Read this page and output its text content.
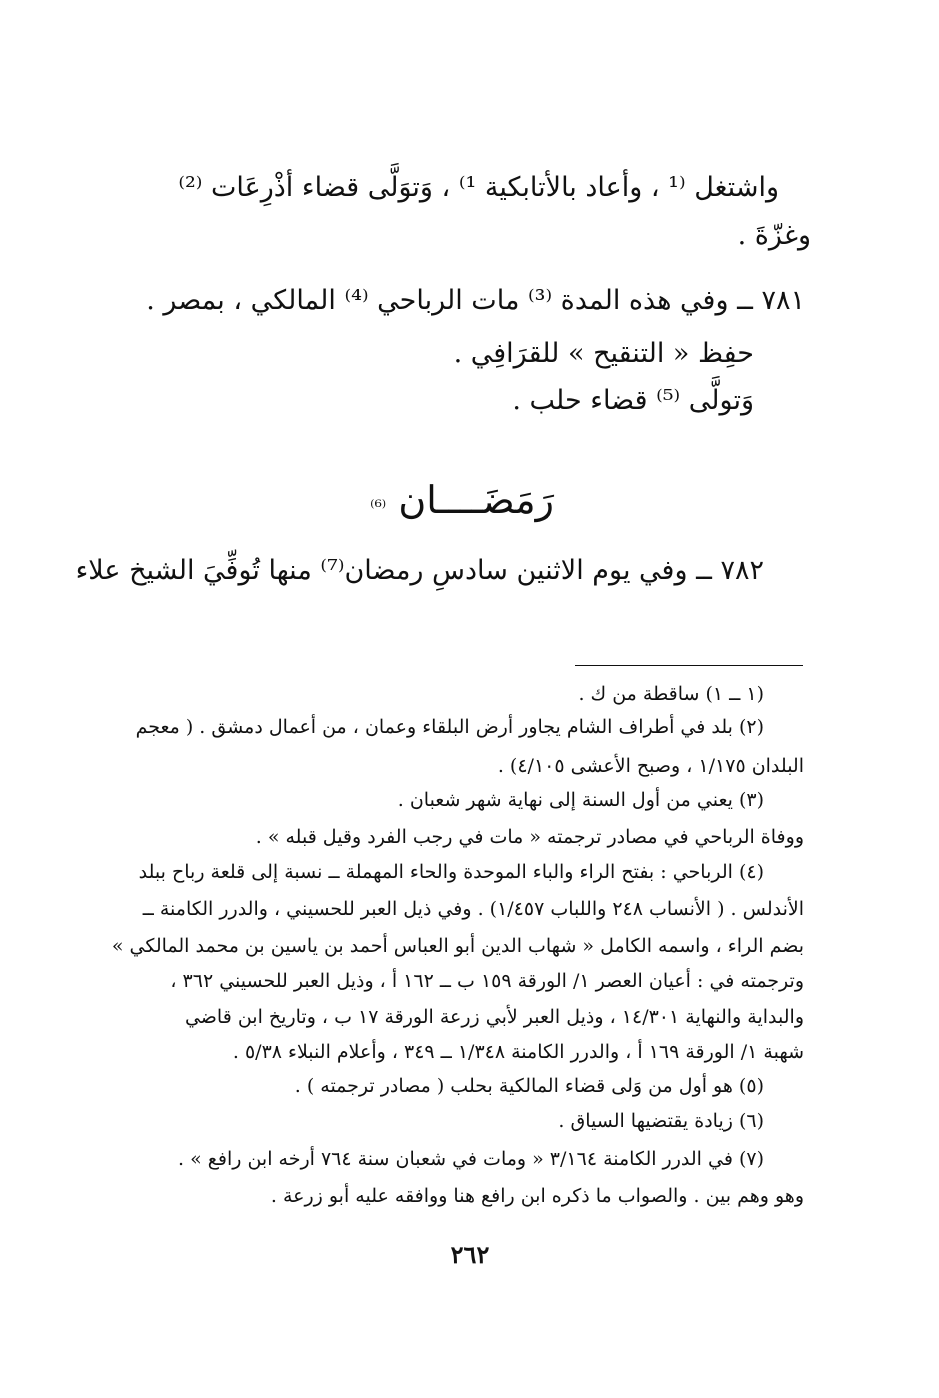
واشتغل ⁽¹ ، وأعاد بالأتابكية ¹⁾ ، وَتوَلَّى قضاء أذْرِعَات ⁽²⁾
وغزّةَ .
٧٨١ ــ وفي هذه المدة ⁽³⁾ مات الرباحي ⁽⁴⁾ المالكي ، بمصر .
حفِظ « التنقيح » للقرَافِي .
وَتولَّى ⁽⁵⁾ قضاء حلب .
رَمَضَــــان ⁽⁶⁾
٧٨٢ ــ وفي يوم الاثنين سادسِ رمضان⁽⁷⁾ منها تُوفِّيَ الشيخ علاء
(١ ــ ١) ساقطة من ك .
(٢) بلد في أطراف الشام يجاور أرض البلقاء وعمان ، من أعمال دمشق . ( معجم
البلدان ١/١٧٥ ، وصبح الأعشى ٤/١٠٥) .
(٣) يعني من أول السنة إلى نهاية شهر شعبان .
ووفاة الرباحي في مصادر ترجمته « مات في رجب الفرد وقيل قبله » .
(٤) الرباحي : بفتح الراء والباء الموحدة والحاء المهملة ــ نسبة إلى قلعة رباح ببلد
الأندلس . ( الأنساب ٢٤٨ واللباب ١/٤٥٧) . وفي ذيل العبر للحسيني ، والدرر الكامنة ــ
بضم الراء ، واسمه الكامل « شهاب الدين أبو العباس أحمد بن ياسين بن محمد المالكي »
وترجمته في : أعيان العصر ١/ الورقة ١٥٩ ب ــ ١٦٢ أ ، وذيل العبر للحسيني ٣٦٢ ،
والبداية والنهاية ١٤/٣٠١ ، وذيل العبر لأبي زرعة الورقة ١٧ ب ، وتاريخ ابن قاضي
شهبة ١/ الورقة ١٦٩ أ ، والدرر الكامنة ١/٣٤٨ ــ ٣٤٩ ، وأعلام النبلاء ٥/٣٨ .
(٥) هو أول من وَلى قضاء المالكية بحلب ( مصادر ترجمته ) .
(٦) زيادة يقتضيها السياق .
(٧) في الدرر الكامنة ٣/١٦٤ « ومات في شعبان سنة ٧٦٤ أرخه ابن رافع » .
وهو وهم بين . والصواب ما ذكره ابن رافع هنا ووافقه عليه أبو زرعة .
٢٦٢
